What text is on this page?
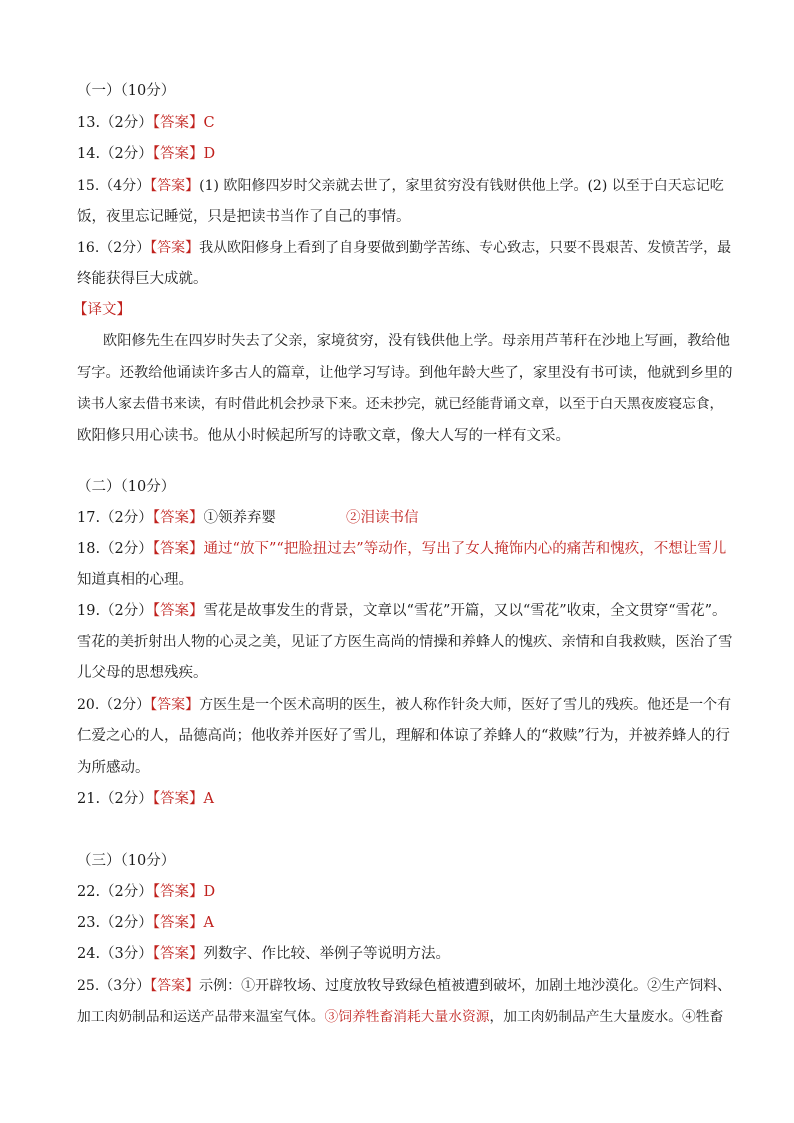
（一）（10分）
13.（2分）【答案】C
14.（2分）【答案】D
15.（4分）【答案】(1) 欧阳修四岁时父亲就去世了，家里贫穷没有钱财供他上学。(2) 以至于白天忘记吃
饭，夜里忘记睡觉，只是把读书当作了自己的事情。
16.（2分）【答案】我从欧阳修身上看到了自身要做到勤学苦练、专心致志，只要不畏艰苦、发愤苦学，最
终能获得巨大成就。
【译文】
欧阳修先生在四岁时失去了父亲，家境贫穷，没有钱供他上学。母亲用芦苇秆在沙地上写画，教给他
写字。还教给他诵读许多古人的篇章，让他学习写诗。到他年龄大些了，家里没有书可读，他就到乡里的
读书人家去借书来读，有时借此机会抄录下来。还未抄完，就已经能背诵文章，以至于白天黑夜废寝忘食，
欧阳修只用心读书。他从小时候起所写的诗歌文章，像大人写的一样有文采。
（二）（10分）
17.（2分）【答案】①领养弃婴	②泪读书信
18.（2分）【答案】通过“放下”“把脸扭过去”等动作，写出了女人掩饰内心的痛苦和愧疚，不想让雪儿
知道真相的心理。
19.（2分）【答案】雪花是故事发生的背景，文章以“雪花”开篇，又以“雪花”收束，全文贯穿“雪花”。
雪花的美折射出人物的心灵之美，见证了方医生高尚的情操和养蜂人的愧疚、亲情和自我救赎，医治了雪
儿父母的思想残疾。
20.（2分）【答案】方医生是一个医术高明的医生，被人称作针灸大师，医好了雪儿的残疾。他还是一个有
仁爱之心的人，品德高尚；他收养并医好了雪儿，理解和体谅了养蜂人的“救赎”行为，并被养蜂人的行
为所感动。
21.（2分）【答案】A
（三）（10分）
22.（2分）【答案】D
23.（2分）【答案】A
24.（3分）【答案】列数字、作比较、举例子等说明方法。
25.（3分）【答案】示例：①开辟牧场、过度放牧导致绿色植被遭到破坏，加剧土地沙漠化。②生产饲料、
加工肉奶制品和运送产品带来温室气体。③饲养牲畜消耗大量水资源，加工肉奶制品产生大量废水。④牲畜
